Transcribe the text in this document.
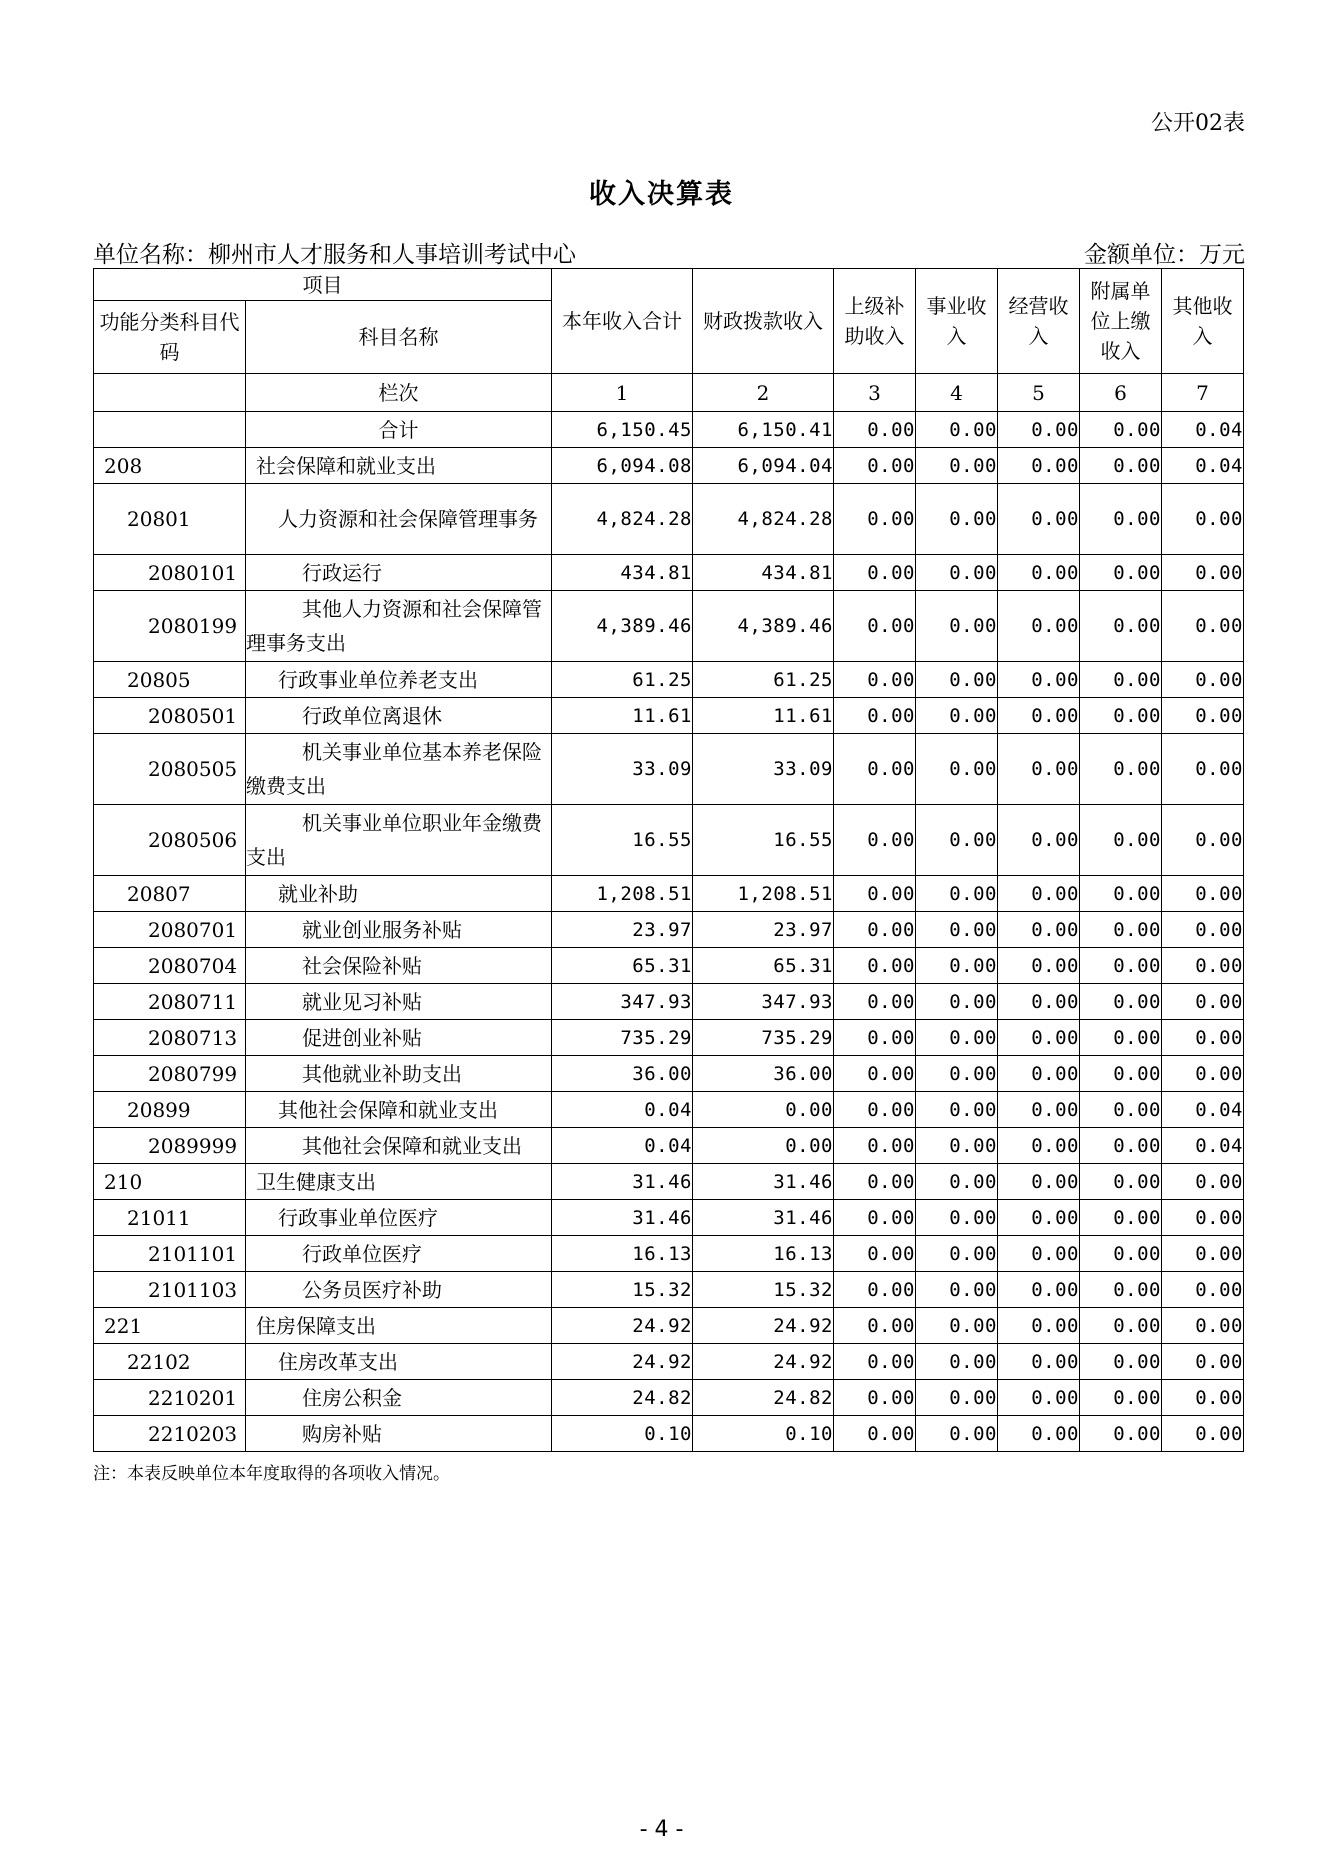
公开02表
收入决算表
单位名称：柳州市人才服务和人事培训考试中心	金额单位：万元
项目		本年收入合计	财政拨款收入	上级补助收入	事业收入	经营收入	附属单位上缴收入	其他收入
功能分类科目代码	科目名称							
	栏次	1	2	3	4	5	6	7
	合计	6,150.45	6,150.41	0.00	0.00	0.00	0.00	0.04
208	社会保障和就业支出	6,094.08	6,094.04	0.00	0.00	0.00	0.00	0.04
20801	人力资源和社会保障管理事务	4,824.28	4,824.28	0.00	0.00	0.00	0.00	0.00
2080101	行政运行	434.81	434.81	0.00	0.00	0.00	0.00	0.00
2080199	其他人力资源和社会保障管理事务支出	4,389.46	4,389.46	0.00	0.00	0.00	0.00	0.00
20805	行政事业单位养老支出	61.25	61.25	0.00	0.00	0.00	0.00	0.00
2080501	行政单位离退休	11.61	11.61	0.00	0.00	0.00	0.00	0.00
2080505	机关事业单位基本养老保险缴费支出	33.09	33.09	0.00	0.00	0.00	0.00	0.00
2080506	机关事业单位职业年金缴费支出	16.55	16.55	0.00	0.00	0.00	0.00	0.00
20807	就业补助	1,208.51	1,208.51	0.00	0.00	0.00	0.00	0.00
2080701	就业创业服务补贴	23.97	23.97	0.00	0.00	0.00	0.00	0.00
2080704	社会保险补贴	65.31	65.31	0.00	0.00	0.00	0.00	0.00
2080711	就业见习补贴	347.93	347.93	0.00	0.00	0.00	0.00	0.00
2080713	促进创业补贴	735.29	735.29	0.00	0.00	0.00	0.00	0.00
2080799	其他就业补助支出	36.00	36.00	0.00	0.00	0.00	0.00	0.00
20899	其他社会保障和就业支出	0.04	0.00	0.00	0.00	0.00	0.00	0.04
2089999	其他社会保障和就业支出	0.04	0.00	0.00	0.00	0.00	0.00	0.04
210	卫生健康支出	31.46	31.46	0.00	0.00	0.00	0.00	0.00
21011	行政事业单位医疗	31.46	31.46	0.00	0.00	0.00	0.00	0.00
2101101	行政单位医疗	16.13	16.13	0.00	0.00	0.00	0.00	0.00
2101103	公务员医疗补助	15.32	15.32	0.00	0.00	0.00	0.00	0.00
221	住房保障支出	24.92	24.92	0.00	0.00	0.00	0.00	0.00
22102	住房改革支出	24.92	24.92	0.00	0.00	0.00	0.00	0.00
2210201	住房公积金	24.82	24.82	0.00	0.00	0.00	0.00	0.00
2210203	购房补贴	0.10	0.10	0.00	0.00	0.00	0.00	0.00
注：本表反映单位本年度取得的各项收入情况。
- 4 -
